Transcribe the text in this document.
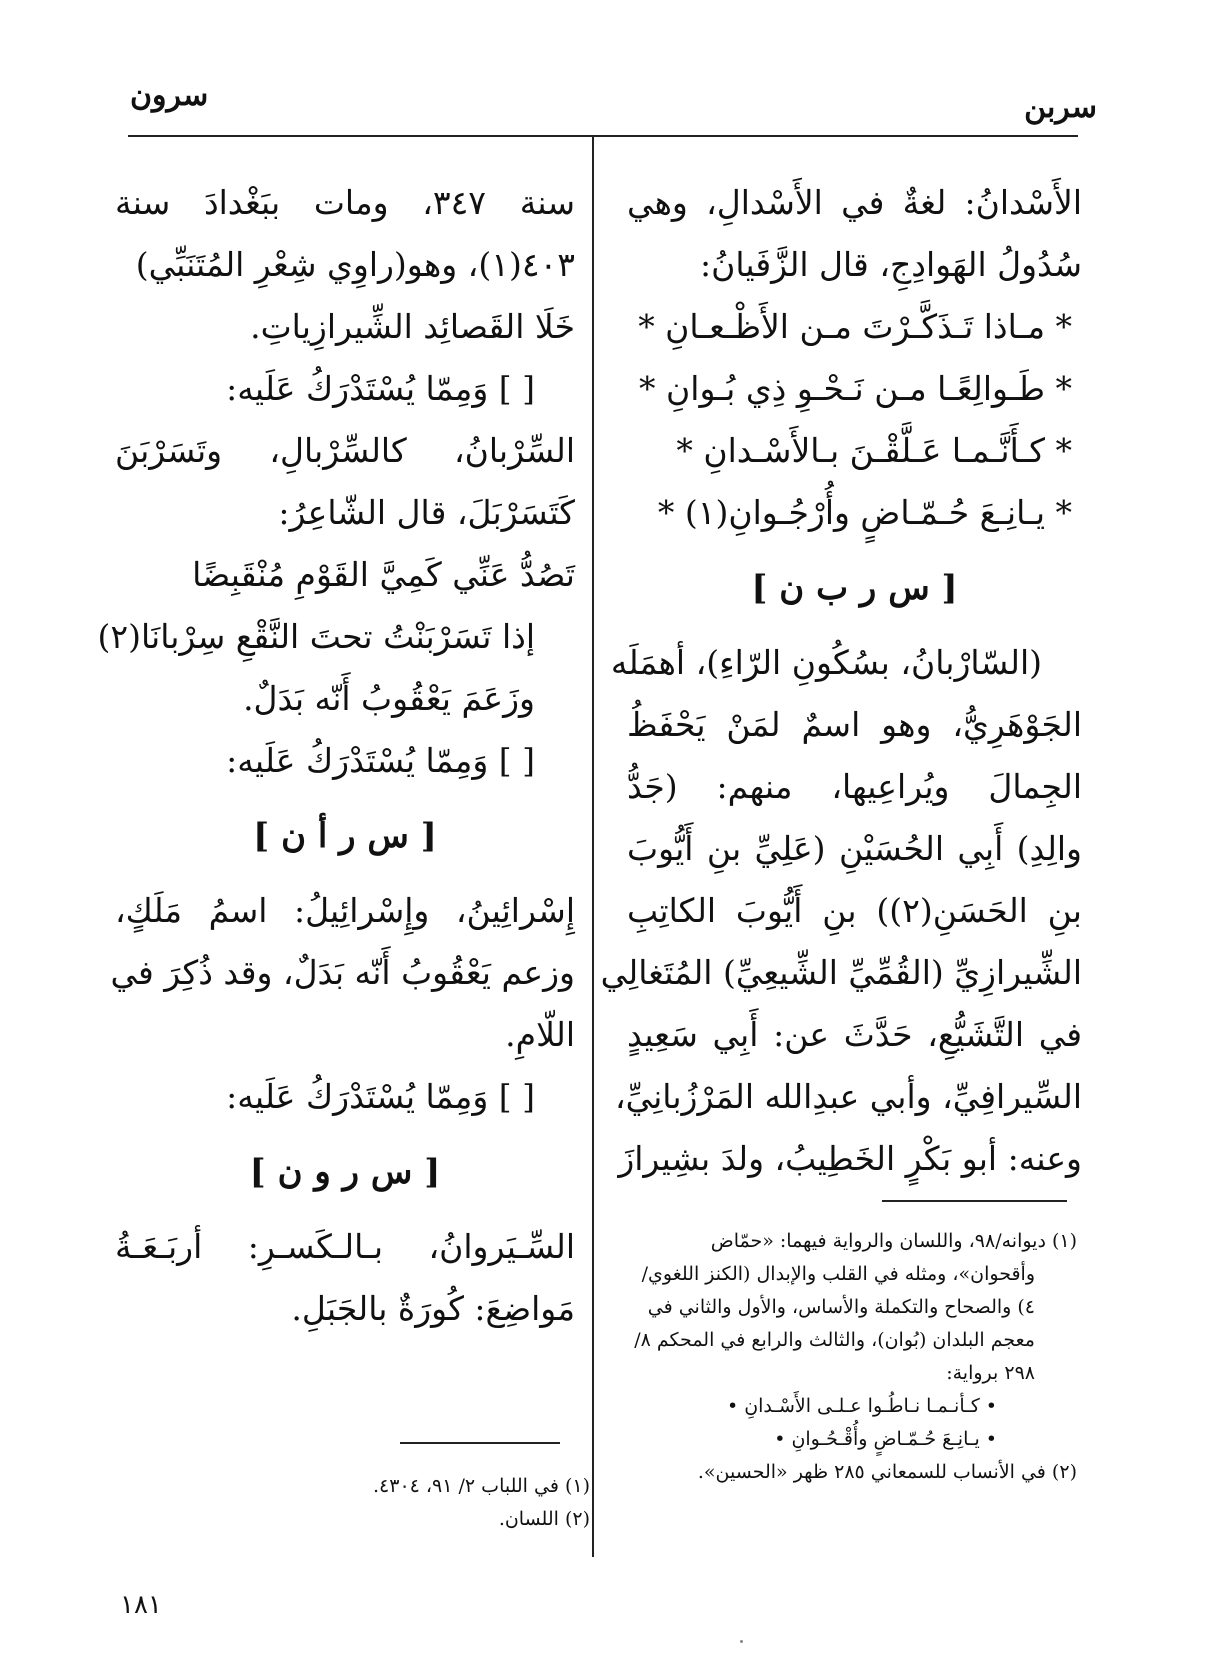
سربن
سرون
الأَسْدانُ: لغةٌ في الأَسْدالِ، وهي
سُدُولُ الهَوادِجِ، قال الزَّفَيانُ:
* مـاذا تَـذَكَّـرْتَ مـن الأَظْـعـانِ *
* طَـوالِعًـا مـن نَـحْـوِ ذِي بُـوانِ *
* كـأَنَّـمـا عَـلَّقْـنَ بـالأَسْـدانِ *
* يـانِـعَ حُـمّـاضٍ وأُرْجُـوانِ(١) *
[ س ر ب ن ]
(السّارْبانُ، بسُكُونِ الرّاءِ)، أهمَلَه
الجَوْهَرِيُّ، وهو اسمٌ لمَنْ يَحْفَظُ
الجِمالَ ويُراعِيها، منهم: (جَدُّ
والِدِ) أَبِي الحُسَيْنِ (عَلِيِّ بنِ أَيُّوبَ
بنِ الحَسَنِ(٢)) بنِ أَيُّوبَ الكاتِبِ
الشِّيرازِيِّ (القُمِّيِّ الشِّيعِيِّ) المُتَغالِي
في التَّشَيُّعِ، حَدَّثَ عن: أَبِي سَعِيدٍ
السِّيرافِيِّ، وأبي عبدِالله المَرْزُبانِيِّ،
وعنه: أبو بَكْرٍ الخَطِيبُ، ولدَ بشِيرازَ
سنة ٣٤٧، ومات ببَغْدادَ سنة
٤٠٣(١)، وهو(راوِي شِعْرِ المُتَنَبِّي)
خَلَا القَصائِد الشِّيرازِياتِ.
[ ] وَمِمّا يُسْتَدْرَكُ عَلَيه:
السِّرْبانُ، كالسِّرْبالِ، وتَسَرْبَنَ
كَتَسَرْبَلَ، قال الشّاعِرُ:
تَصُدُّ عَنِّي كَمِيَّ القَوْمِ مُنْقَبِضًا
إذا تَسَرْبَنْتُ تحتَ النَّقْعِ سِرْبانَا(٢)
وزَعَمَ يَعْقُوبُ أَنّه بَدَلٌ.
[ ] وَمِمّا يُسْتَدْرَكُ عَلَيه:
[ س ر أ ن ]
إِسْرائِينُ، وإِسْرائِيلُ: اسمُ مَلَكٍ،
وزعم يَعْقُوبُ أَنّه بَدَلٌ، وقد ذُكِرَ في
اللّامِ.
[ ] وَمِمّا يُسْتَدْرَكُ عَلَيه:
[ س ر و ن ]
السِّـيَروانُ، بـالـكَسـرِ: أربَـعَـةُ
مَواضِعَ: كُورَةٌ بالجَبَلِ.
(١) ديوانه/٩٨، واللسان والرواية فيهما: «حمّاض
وأقحوان»، ومثله في القلب والإبدال (الكنز اللغوي/
٤) والصحاح والتكملة والأساس، والأول والثاني في
معجم البلدان (بُوان)، والثالث والرابع في المحكم ٨/
٢٩٨ برواية:
• كـأنـمـا نـاطُـوا عـلـى الأَسْـدانِ •
• يـانِـعَ حُـمّـاضٍ وأُقْـحُـوانِ •
(٢) في الأنساب للسمعاني ٢٨٥ ظهر «الحسين».
(١) في اللباب ٢/ ٩١، ٤٣٠٤.
(٢) اللسان.
١٨١
